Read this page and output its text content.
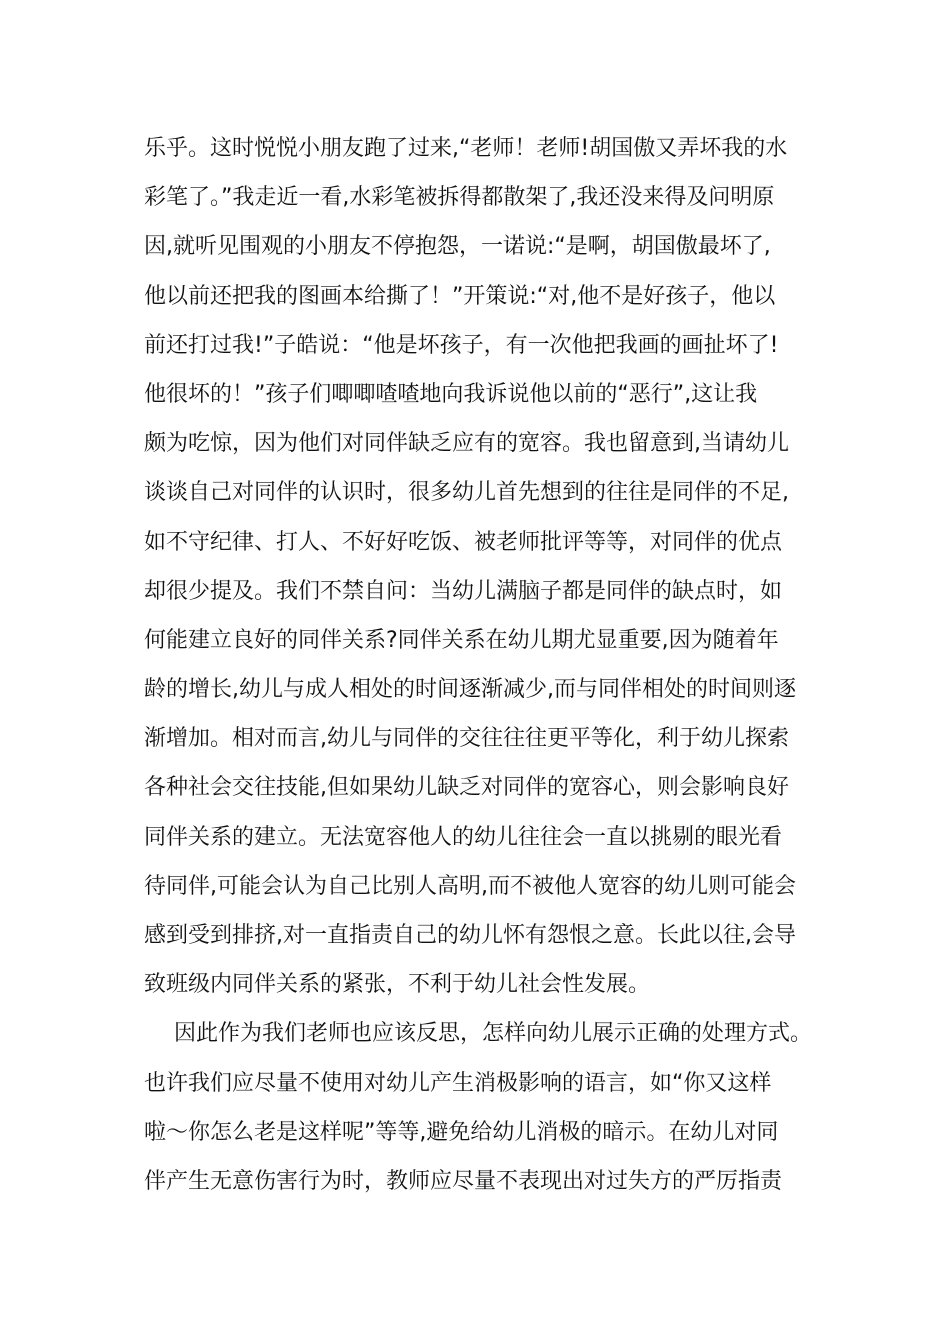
乐乎。这时悦悦小朋友跑了过来,“老师！老师!胡国傲又弄坏我的水
彩笔了。”我走近一看,水彩笔被拆得都散架了,我还没来得及问明原
因,就听见围观的小朋友不停抱怨，一诺说:“是啊，胡国傲最坏了,
他以前还把我的图画本给撕了！”开策说:“对,他不是好孩子，他以
前还打过我!”子皓说：“他是坏孩子，有一次他把我画的画扯坏了!
他很坏的！”孩子们唧唧喳喳地向我诉说他以前的“恶行”,这让我
颇为吃惊，因为他们对同伴缺乏应有的宽容。我也留意到,当请幼儿
谈谈自己对同伴的认识时，很多幼儿首先想到的往往是同伴的不足,
如不守纪律、打人、不好好吃饭、被老师批评等等，对同伴的优点
却很少提及。我们不禁自问：当幼儿满脑子都是同伴的缺点时，如
何能建立良好的同伴关系?同伴关系在幼儿期尤显重要,因为随着年
龄的增长,幼儿与成人相处的时间逐渐减少,而与同伴相处的时间则逐
渐增加。相对而言,幼儿与同伴的交往往往更平等化，利于幼儿探索
各种社会交往技能,但如果幼儿缺乏对同伴的宽容心，则会影响良好
同伴关系的建立。无法宽容他人的幼儿往往会一直以挑剔的眼光看
待同伴,可能会认为自己比别人高明,而不被他人宽容的幼儿则可能会
感到受到排挤,对一直指责自己的幼儿怀有怨恨之意。长此以往,会导
致班级内同伴关系的紧张，不利于幼儿社会性发展。
因此作为我们老师也应该反思，怎样向幼儿展示正确的处理方式。
也许我们应尽量不使用对幼儿产生消极影响的语言，如“你又这样
啦～你怎么老是这样呢”等等,避免给幼儿消极的暗示。在幼儿对同
伴产生无意伤害行为时，教师应尽量不表现出对过失方的严厉指责
